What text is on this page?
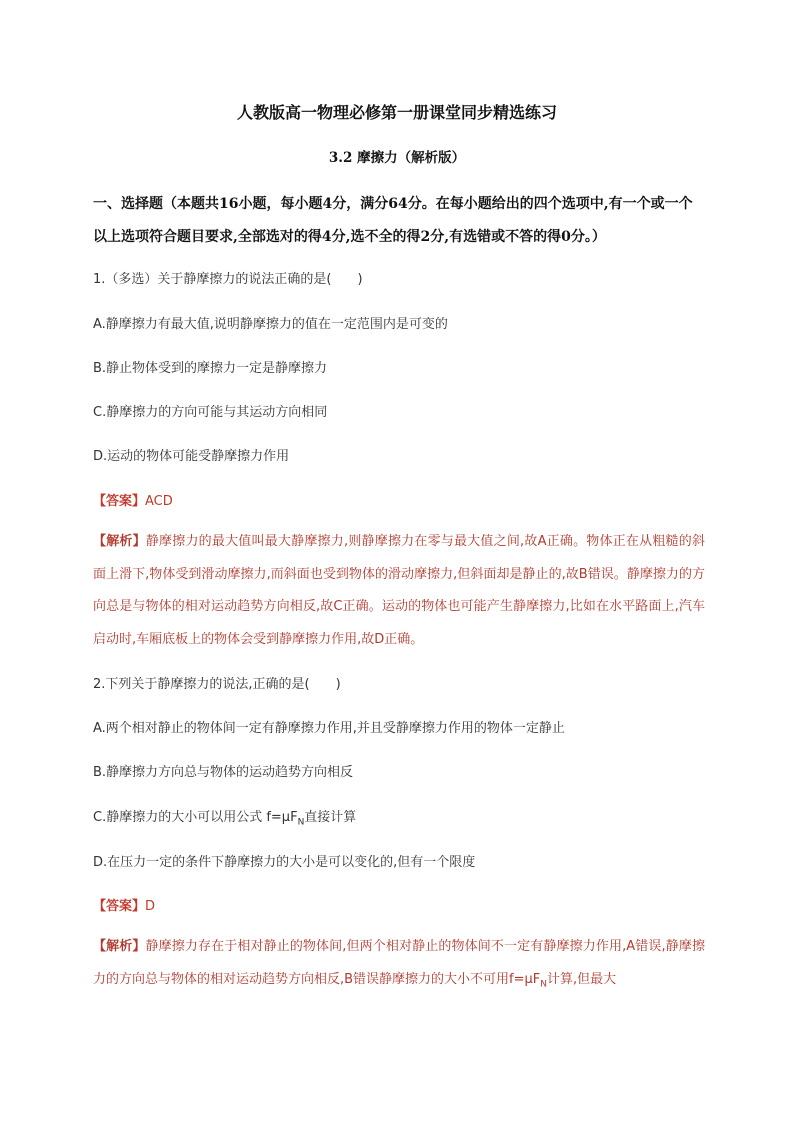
人教版高一物理必修第一册课堂同步精选练习
3.2 摩擦力（解析版）
一、选择题（本题共16小题，每小题4分，满分64分。在每小题给出的四个选项中,有一个或一个以上选项符合题目要求,全部选对的得4分,选不全的得2分,有选错或不答的得0分。）
1.（多选）关于静摩擦力的说法正确的是(　　)
A.静摩擦力有最大值,说明静摩擦力的值在一定范围内是可变的
B.静止物体受到的摩擦力一定是静摩擦力
C.静摩擦力的方向可能与其运动方向相同
D.运动的物体可能受静摩擦力作用
【答案】ACD
【解析】静摩擦力的最大值叫最大静摩擦力,则静摩擦力在零与最大值之间,故A正确。物体正在从粗糙的斜面上滑下,物体受到滑动摩擦力,而斜面也受到物体的滑动摩擦力,但斜面却是静止的,故B错误。静摩擦力的方向总是与物体的相对运动趋势方向相反,故C正确。运动的物体也可能产生静摩擦力,比如在水平路面上,汽车启动时,车厢底板上的物体会受到静摩擦力作用,故D正确。
2.下列关于静摩擦力的说法,正确的是(　　)
A.两个相对静止的物体间一定有静摩擦力作用,并且受静摩擦力作用的物体一定静止
B.静摩擦力方向总与物体的运动趋势方向相反
C.静摩擦力的大小可以用公式 $f=\mu F_N$直接计算
D.在压力一定的条件下静摩擦力的大小是可以变化的,但有一个限度
【答案】D
【解析】静摩擦力存在于相对静止的物体间,但两个相对静止的物体间不一定有静摩擦力作用,A错误,静摩擦力的方向总与物体的相对运动趋势方向相反,B错误静摩擦力的大小不可用$f=\mu F_N$计算,但最大
